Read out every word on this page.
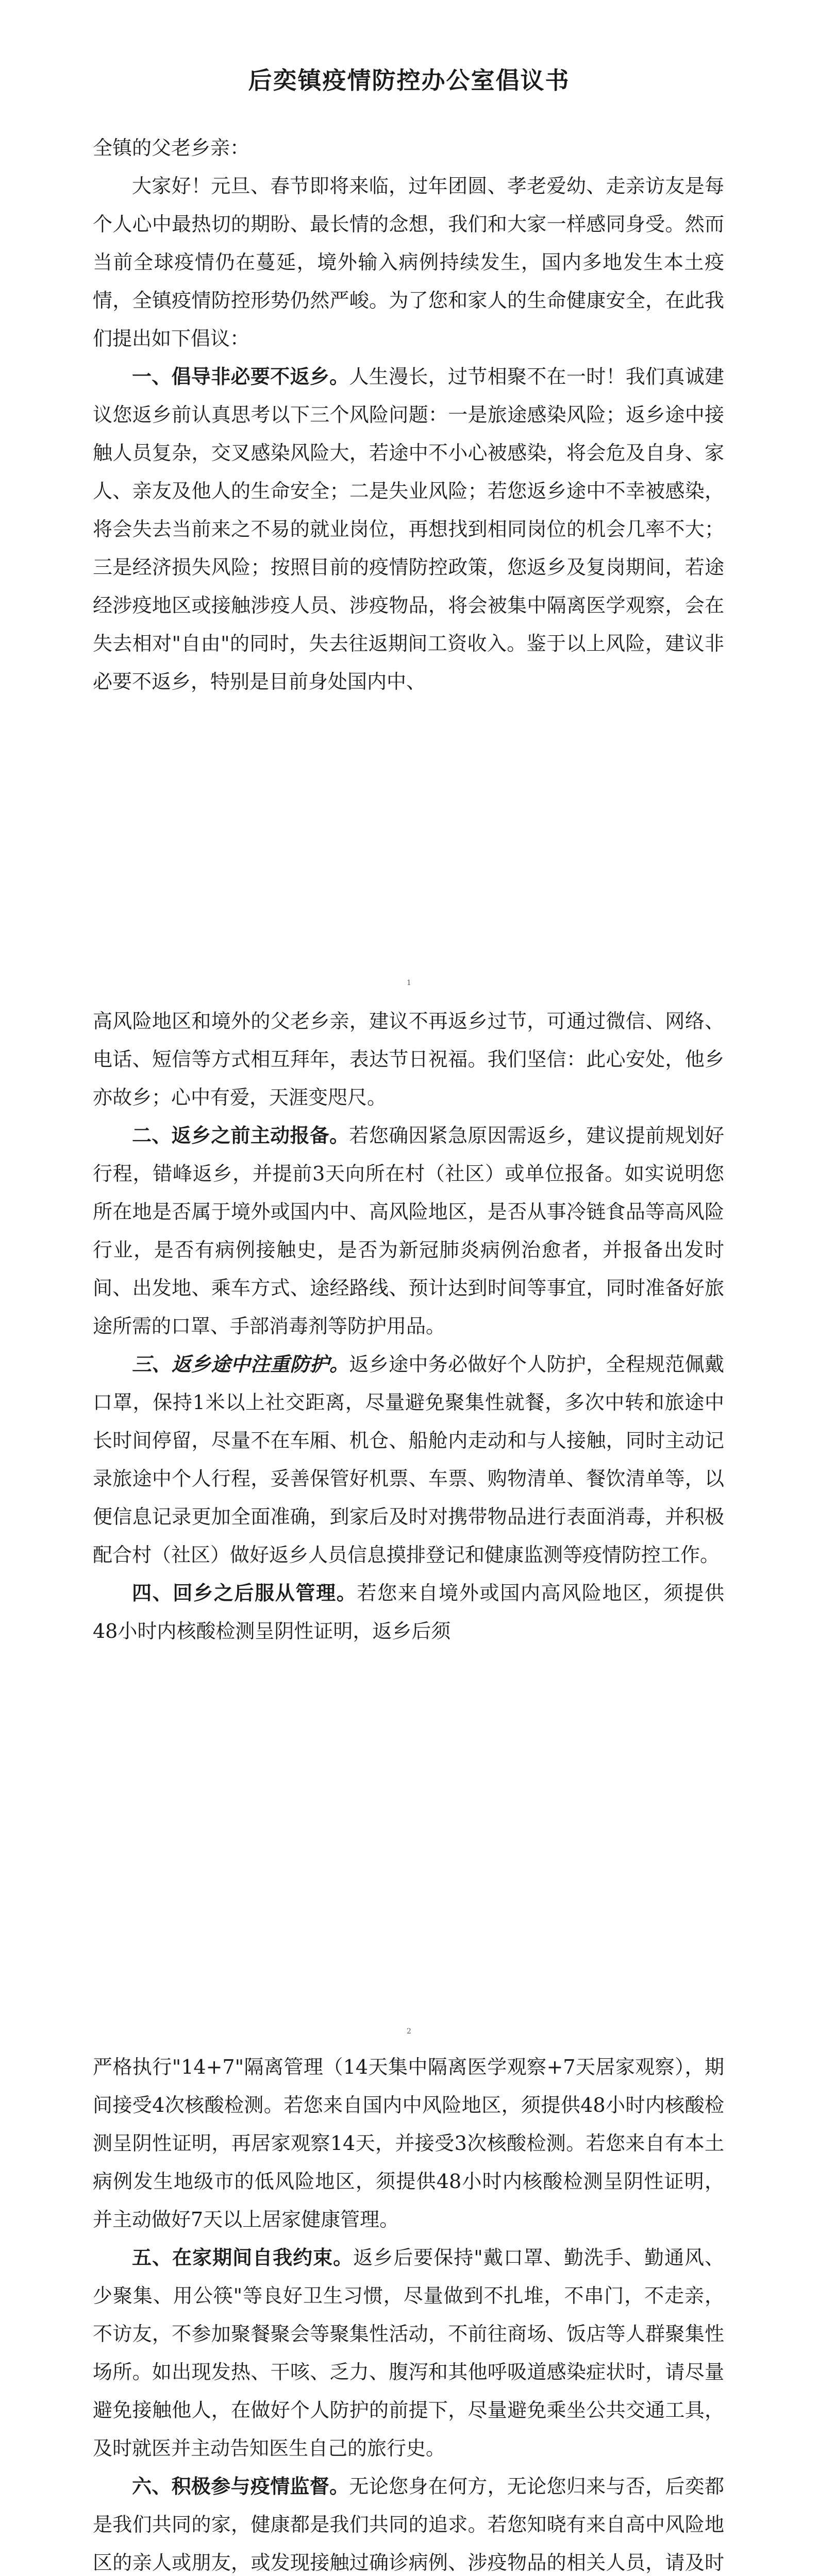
后奕镇疫情防控办公室倡议书

全镇的父老乡亲：

大家好！元旦、春节即将来临，过年团圆、孝老爱幼、走亲访友是每个人心中最热切的期盼、最长情的念想，我们和大家一样感同身受。然而当前全球疫情仍在蔓延，境外输入病例持续发生，国内多地发生本土疫情，全镇疫情防控形势仍然严峻。为了您和家人的生命健康安全，在此我们提出如下倡议：

一、倡导非必要不返乡。人生漫长，过节相聚不在一时！我们真诚建议您返乡前认真思考以下三个风险问题：一是旅途感染风险；返乡途中接触人员复杂，交叉感染风险大，若途中不小心被感染，将会危及自身、家人、亲友及他人的生命安全；二是失业风险；若您返乡途中不幸被感染，将会失去当前来之不易的就业岗位，再想找到相同岗位的机会几率不大；三是经济损失风险；按照目前的疫情防控政策，您返乡及复岗期间，若途经涉疫地区或接触涉疫人员、涉疫物品，将会被集中隔离医学观察，会在失去相对"自由"的同时，失去往返期间工资收入。鉴于以上风险，建议非必要不返乡，特别是目前身处国内中、

1

高风险地区和境外的父老乡亲，建议不再返乡过节，可通过微信、网络、电话、短信等方式相互拜年，表达节日祝福。我们坚信：此心安处，他乡亦故乡；心中有爱，天涯变咫尺。

二、返乡之前主动报备。若您确因紧急原因需返乡，建议提前规划好行程，错峰返乡，并提前3天向所在村（社区）或单位报备。如实说明您所在地是否属于境外或国内中、高风险地区，是否从事冷链食品等高风险行业，是否有病例接触史，是否为新冠肺炎病例治愈者，并报备出发时间、出发地、乘车方式、途经路线、预计达到时间等事宜，同时准备好旅途所需的口罩、手部消毒剂等防护用品。

三、返乡途中注重防护。返乡途中务必做好个人防护，全程规范佩戴口罩，保持1米以上社交距离，尽量避免聚集性就餐，多次中转和旅途中长时间停留，尽量不在车厢、机仓、船舱内走动和与人接触，同时主动记录旅途中个人行程，妥善保管好机票、车票、购物清单、餐饮清单等，以便信息记录更加全面准确，到家后及时对携带物品进行表面消毒，并积极配合村（社区）做好返乡人员信息摸排登记和健康监测等疫情防控工作。

四、回乡之后服从管理。若您来自境外或国内高风险地区，须提供48小时内核酸检测呈阴性证明，返乡后须

2

严格执行"14+7"隔离管理（14天集中隔离医学观察+7天居家观察），期间接受4次核酸检测。若您来自国内中风险地区，须提供48小时内核酸检测呈阴性证明，再居家观察14天，并接受3次核酸检测。若您来自有本土病例发生地级市的低风险地区，须提供48小时内核酸检测呈阴性证明，并主动做好7天以上居家健康管理。

五、在家期间自我约束。返乡后要保持"戴口罩、勤洗手、勤通风、少聚集、用公筷"等良好卫生习惯，尽量做到不扎堆，不串门，不走亲，不访友，不参加聚餐聚会等聚集性活动，不前往商场、饭店等人群聚集性场所。如出现发热、干咳、乏力、腹泻和其他呼吸道感染症状时，请尽量避免接触他人，在做好个人防护的前提下，尽量避免乘坐公共交通工具，及时就医并主动告知医生自己的旅行史。

六、积极参与疫情监督。无论您身在何方，无论您归来与否，后奕都是我们共同的家，健康都是我们共同的追求。若您知晓有来自高中风险地区的亲人或朋友，或发现接触过确诊病例、涉疫物品的相关人员，请及时
